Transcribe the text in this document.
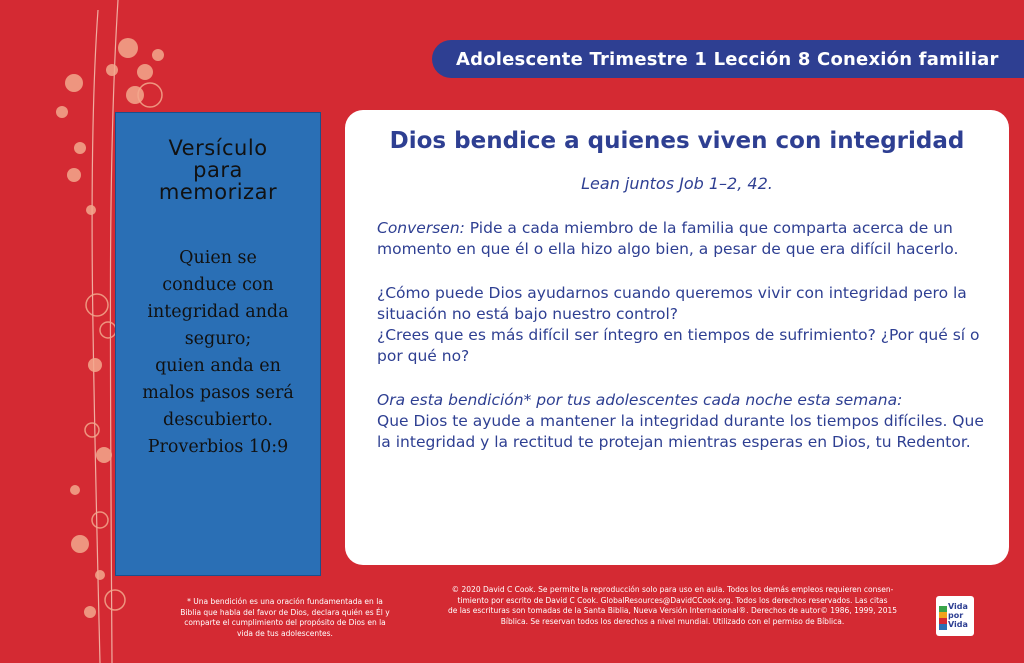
Adolescente Trimestre 1 Lección 8 Conexión familiar
Versículo
para
memorizar
Quien se
conduce con
integridad anda
seguro;
quien anda en
malos pasos será
descubierto.
Proverbios 10:9
Dios bendice a quienes viven con integridad
Lean juntos Job 1–2, 42.

Conversen: Pide a cada miembro de la familia que comparta acerca de un momento en que él o ella hizo algo bien, a pesar de que era difícil hacerlo.

¿Cómo puede Dios ayudarnos cuando queremos vivir con integridad pero la situación no está bajo nuestro control?
¿Crees que es más difícil ser íntegro en tiempos de sufrimiento? ¿Por qué sí o por qué no?

Ora esta bendición* por tus adolescentes cada noche esta semana:
Que Dios te ayude a mantener la integridad durante los tiempos difíciles. Que la integridad y la rectitud te protejan mientras esperas en Dios, tu Redentor.

* Una bendición es una oración fundamentada en la
Biblia que habla del favor de Dios, declara quién es Él y
comparte el cumplimiento del propósito de Dios en la
vida de tus adolescentes.
© 2020 David C Cook. Se permite la reproducción solo para uso en aula. Todos los demás empleos requieren consen-
timiento por escrito de David C Cook. GlobalResources@DavidCCook.org. Todos los derechos reservados. Las citas
de las escrituras son tomadas de la Santa Biblia, Nueva Versión Internacional®. Derechos de autor© 1986, 1999, 2015
Bíblica. Se reservan todos los derechos a nivel mundial. Utilizado con el permiso de Bíblica.
Vida
por
Vida
